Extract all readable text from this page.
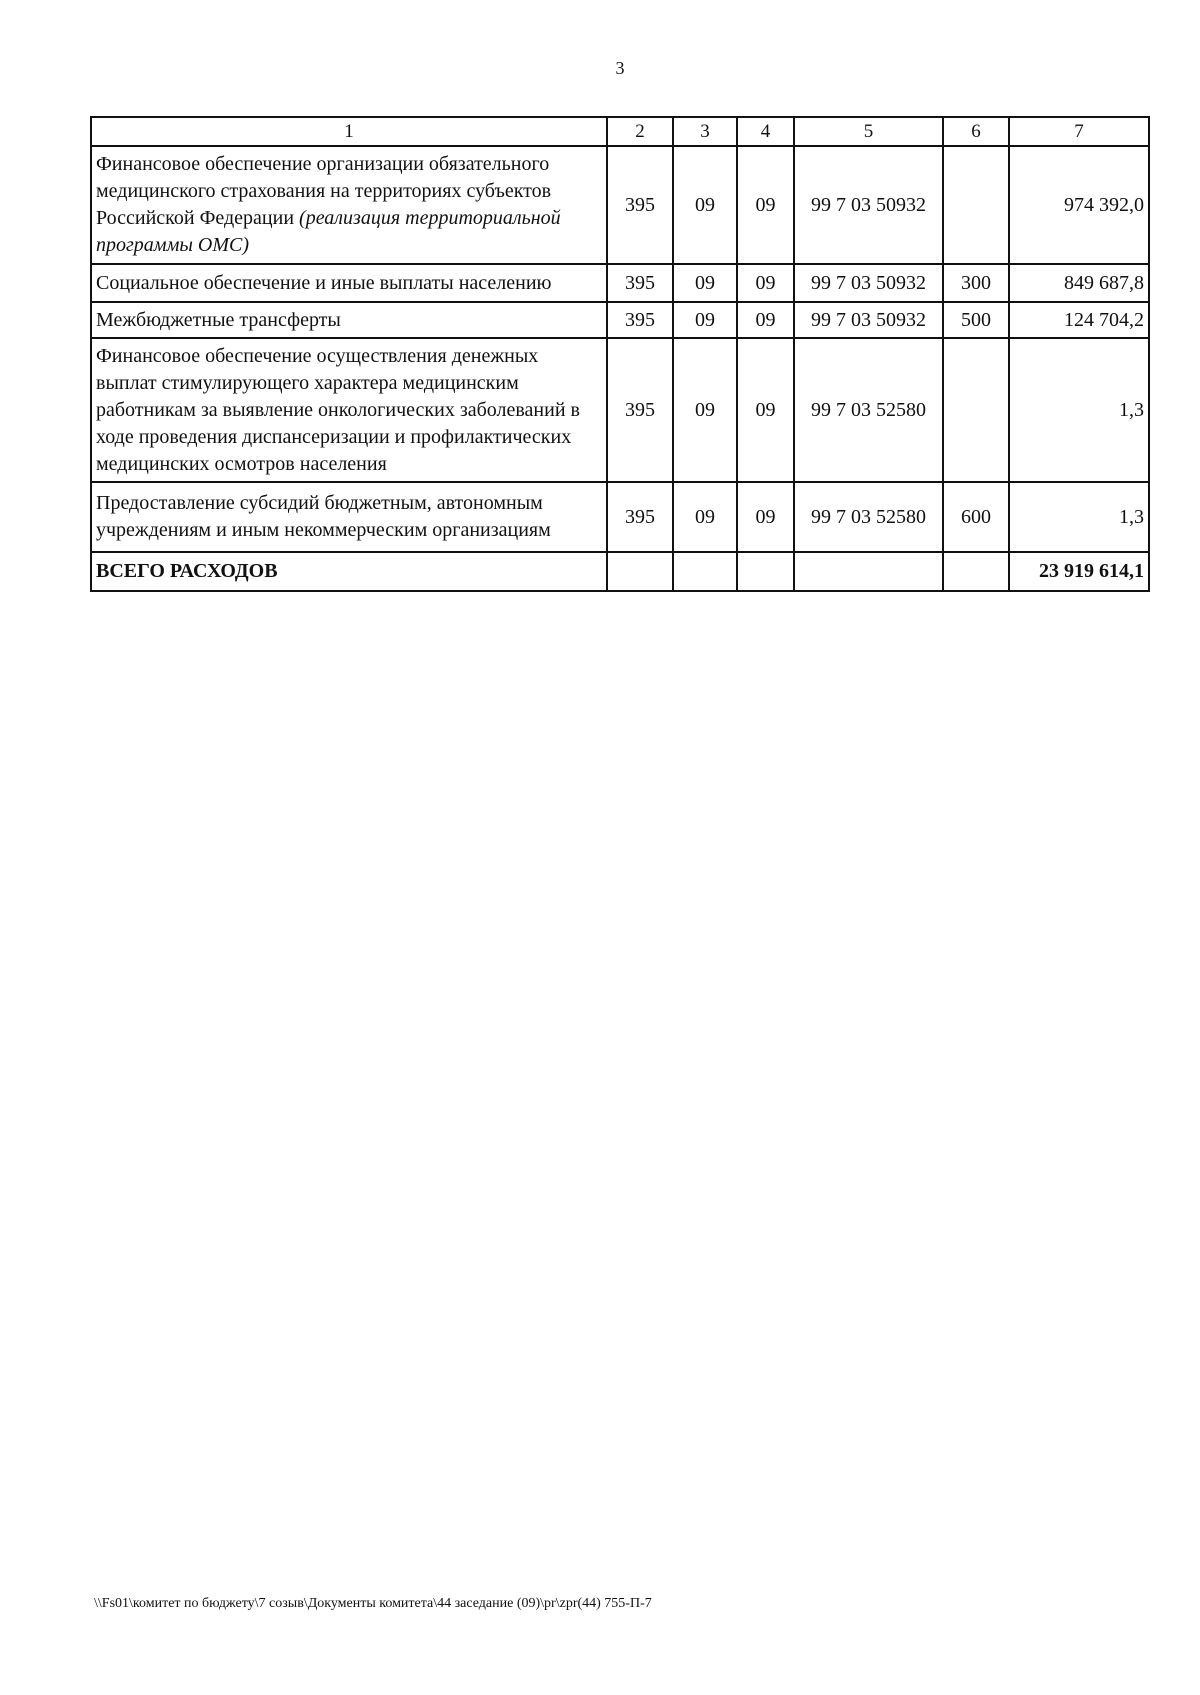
3
1	2	3	4	5	6	7
Финансовое обеспечение организации обязательного медицинского страхования на территориях субъектов Российской Федерации (реализация территориальной программы ОМС)	395	09	09	99 7 03 50932		974 392,0
Социальное обеспечение и иные выплаты населению	395	09	09	99 7 03 50932	300	849 687,8
Межбюджетные трансферты	395	09	09	99 7 03 50932	500	124 704,2
Финансовое обеспечение осуществления денежных выплат стимулирующего характера медицинским работникам за выявление онкологических заболеваний в ходе проведения диспансеризации и профилактических медицинских осмотров населения	395	09	09	99 7 03 52580		1,3
Предоставление субсидий бюджетным, автономным учреждениям и иным некоммерческим организациям	395	09	09	99 7 03 52580	600	1,3
ВСЕГО РАСХОДОВ						23 919 614,1
\\Fs01\комитет по бюджету\7 созыв\Документы комитета\44 заседание (09)\pr\zpr(44) 755-П-7
